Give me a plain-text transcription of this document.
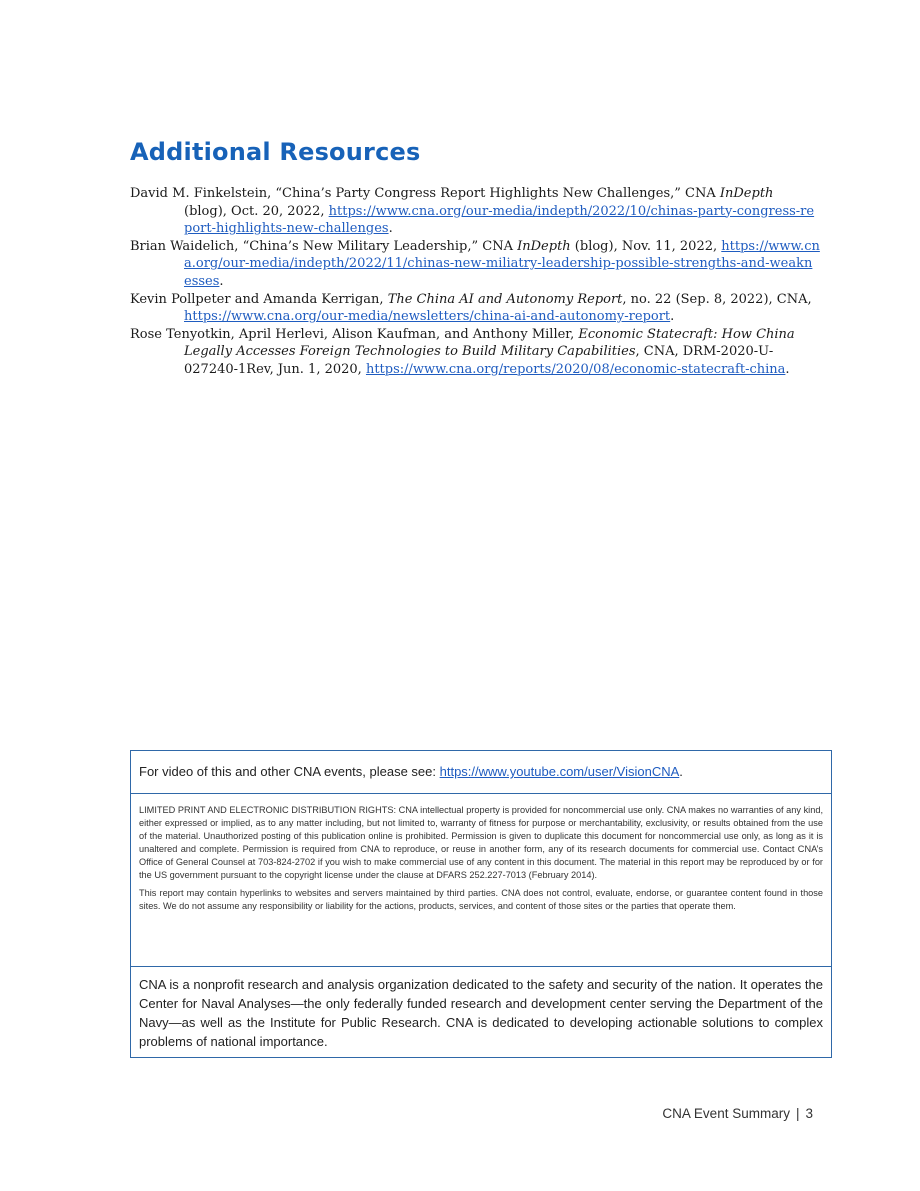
Additional Resources

David M. Finkelstein, “China’s Party Congress Report Highlights New Challenges,” CNA InDepth (blog), Oct. 20, 2022, https://www.cna.org/our-media/indepth/2022/10/chinas-party-congress-report-highlights-new-challenges.

Brian Waidelich, “China’s New Military Leadership,” CNA InDepth (blog), Nov. 11, 2022, https://www.cna.org/our-media/indepth/2022/11/chinas-new-miliatry-leadership-possible-strengths-and-weaknesses.

Kevin Pollpeter and Amanda Kerrigan, The China AI and Autonomy Report, no. 22 (Sep. 8, 2022), CNA, https://www.cna.org/our-media/newsletters/china-ai-and-autonomy-report.

Rose Tenyotkin, April Herlevi, Alison Kaufman, and Anthony Miller, Economic Statecraft: How China Legally Accesses Foreign Technologies to Build Military Capabilities, CNA, DRM-2020-U-027240-1Rev, Jun. 1, 2020, https://www.cna.org/reports/2020/08/economic-statecraft-china.

For video of this and other CNA events, please see: https://www.youtube.com/user/VisionCNA.

LIMITED PRINT AND ELECTRONIC DISTRIBUTION RIGHTS: CNA intellectual property is provided for noncommercial use only. CNA makes no warranties of any kind, either expressed or implied, as to any matter including, but not limited to, warranty of fitness for purpose or merchantability, exclusivity, or results obtained from the use of the material. Unauthorized posting of this publication online is prohibited. Permission is given to duplicate this document for noncommercial use only, as long as it is unaltered and complete. Permission is required from CNA to reproduce, or reuse in another form, any of its research documents for commercial use. Contact CNA’s Office of General Counsel at 703-824-2702 if you wish to make commercial use of any content in this document. The material in this report may be reproduced by or for the US government pursuant to the copyright license under the clause at DFARS 252.227-7013 (February 2014).

This report may contain hyperlinks to websites and servers maintained by third parties. CNA does not control, evaluate, endorse, or guarantee content found in those sites. We do not assume any responsibility or liability for the actions, products, services, and content of those sites or the parties that operate them.

CNA is a nonprofit research and analysis organization dedicated to the safety and security of the nation. It operates the Center for Naval Analyses—the only federally funded research and development center serving the Department of the Navy—as well as the Institute for Public Research. CNA is dedicated to developing actionable solutions to complex problems of national importance.
CNA Event Summary | 3
